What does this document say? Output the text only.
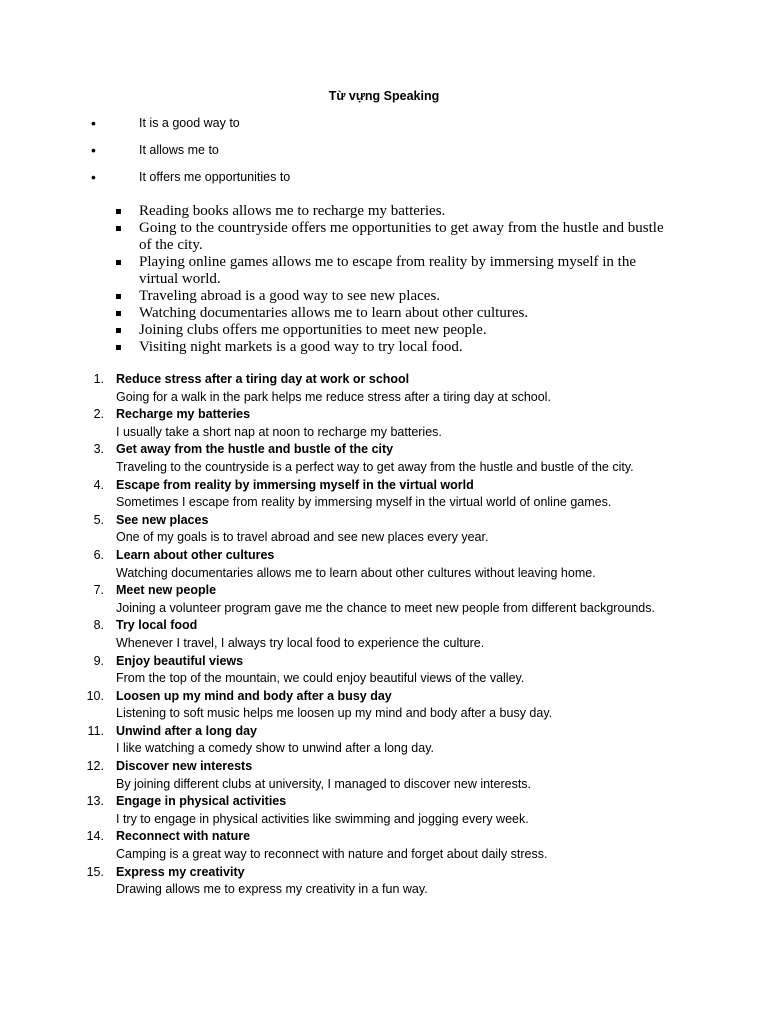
Từ vựng Speaking
•	It is a good way to
•	It allows me to
•	It offers me opportunities to
Reading books allows me to recharge my batteries.
Going to the countryside offers me opportunities to get away from the hustle and bustle of the city.
Playing online games allows me to escape from reality by immersing myself in the virtual world.
Traveling abroad is a good way to see new places.
Watching documentaries allows me to learn about other cultures.
Joining clubs offers me opportunities to meet new people.
Visiting night markets is a good way to try local food.
1. Reduce stress after a tiring day at work or school
Going for a walk in the park helps me reduce stress after a tiring day at school.
2. Recharge my batteries
I usually take a short nap at noon to recharge my batteries.
3. Get away from the hustle and bustle of the city
Traveling to the countryside is a perfect way to get away from the hustle and bustle of the city.
4. Escape from reality by immersing myself in the virtual world
Sometimes I escape from reality by immersing myself in the virtual world of online games.
5. See new places
One of my goals is to travel abroad and see new places every year.
6. Learn about other cultures
Watching documentaries allows me to learn about other cultures without leaving home.
7. Meet new people
Joining a volunteer program gave me the chance to meet new people from different backgrounds.
8. Try local food
Whenever I travel, I always try local food to experience the culture.
9. Enjoy beautiful views
From the top of the mountain, we could enjoy beautiful views of the valley.
10. Loosen up my mind and body after a busy day
Listening to soft music helps me loosen up my mind and body after a busy day.
11. Unwind after a long day
I like watching a comedy show to unwind after a long day.
12. Discover new interests
By joining different clubs at university, I managed to discover new interests.
13. Engage in physical activities
I try to engage in physical activities like swimming and jogging every week.
14. Reconnect with nature
Camping is a great way to reconnect with nature and forget about daily stress.
15. Express my creativity
Drawing allows me to express my creativity in a fun way.
